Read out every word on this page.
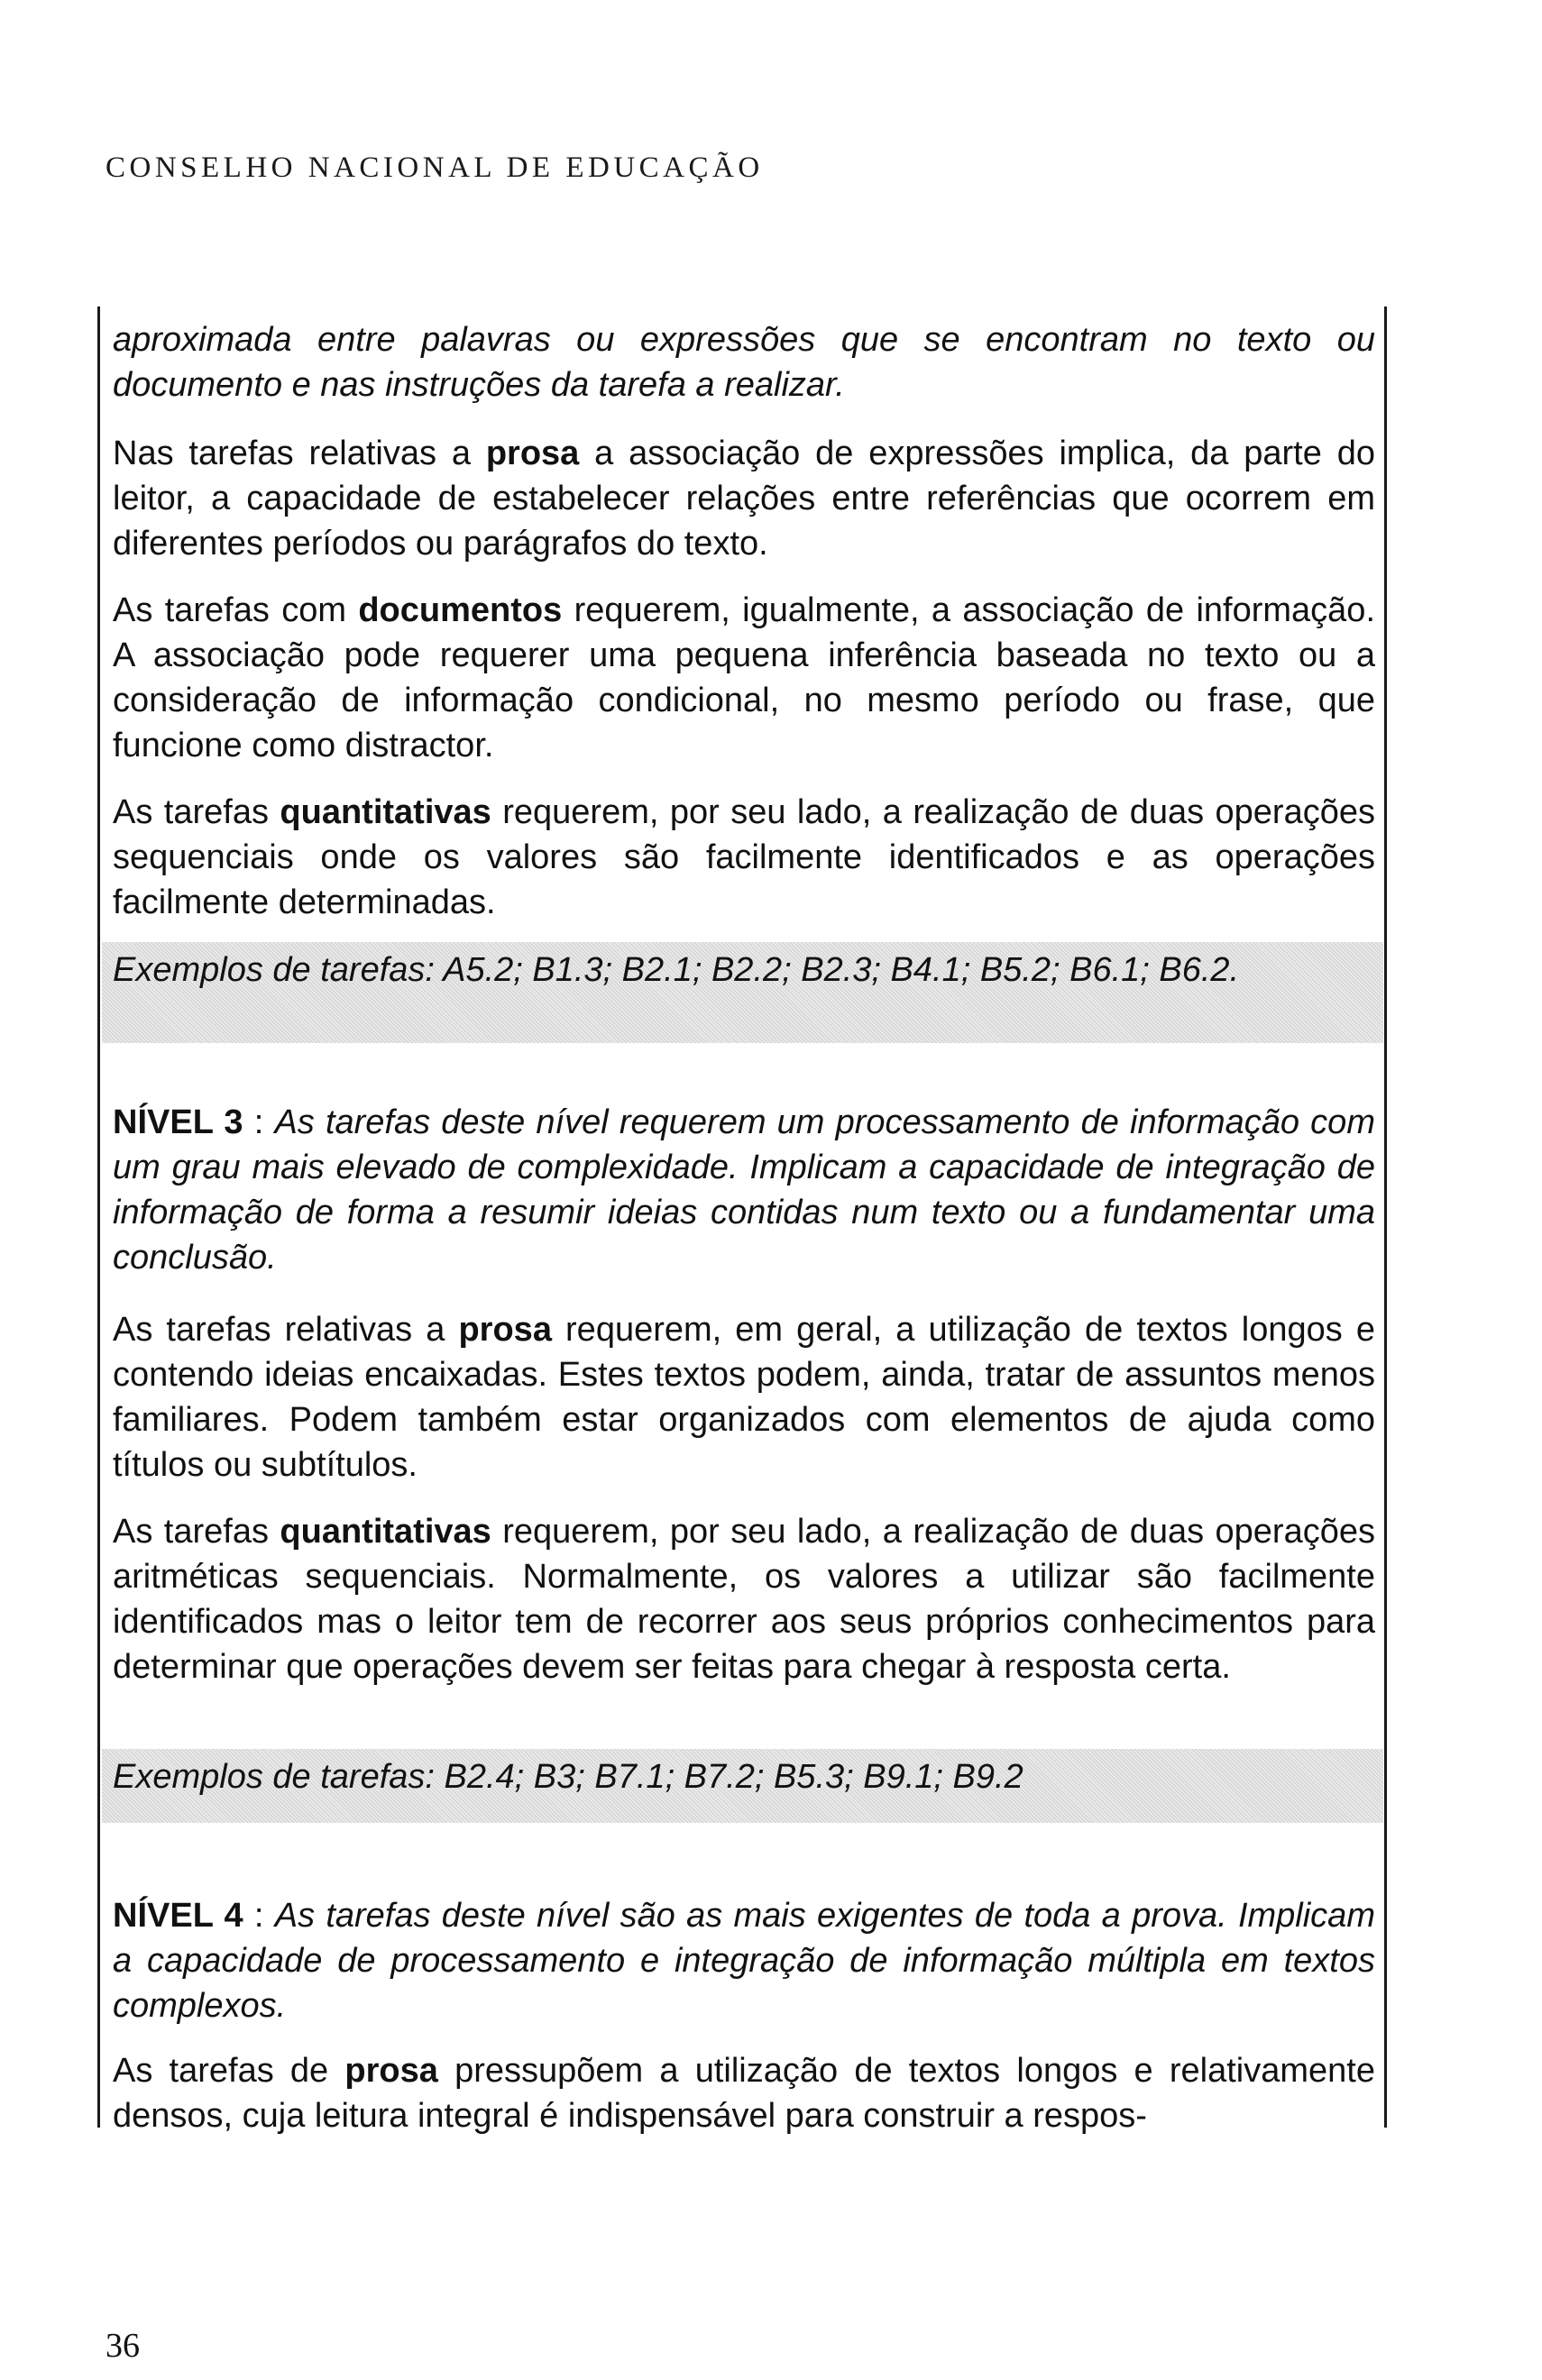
CONSELHO NACIONAL DE EDUCAÇÃO

aproximada entre palavras ou expressões que se encontram no texto ou documento e nas instruções da tarefa a realizar.

Nas tarefas relativas a prosa a associação de expressões implica, da parte do leitor, a capacidade de estabelecer relações entre referências que ocorrem em diferentes períodos ou parágrafos do texto.

As tarefas com documentos requerem, igualmente, a associação de informação. A associação pode requerer uma pequena inferência baseada no texto ou a consideração de informação condicional, no mesmo período ou frase, que funcione como distractor.

As tarefas quantitativas requerem, por seu lado, a realização de duas operações sequenciais onde os valores são facilmente identificados e as operações facilmente determinadas.

Exemplos de tarefas: A5.2; B1.3; B2.1; B2.2; B2.3; B4.1; B5.2; B6.1; B6.2.

NÍVEL 3 : As tarefas deste nível requerem um processamento de informação com um grau mais elevado de complexidade. Implicam a capacidade de integração de informação de forma a resumir ideias contidas num texto ou a fundamentar uma conclusão.

As tarefas relativas a prosa requerem, em geral, a utilização de textos longos e contendo ideias encaixadas. Estes textos podem, ainda, tratar de assuntos menos familiares. Podem também estar organizados com elementos de ajuda como títulos ou subtítulos.

As tarefas quantitativas requerem, por seu lado, a realização de duas operações aritméticas sequenciais. Normalmente, os valores a utilizar são facilmente identificados mas o leitor tem de recorrer aos seus próprios conhecimentos para determinar que operações devem ser feitas para chegar à resposta certa.

Exemplos de tarefas: B2.4; B3; B7.1; B7.2; B5.3; B9.1; B9.2

NÍVEL 4 : As tarefas deste nível são as mais exigentes de toda a prova. Implicam a capacidade de processamento e integração de informação múltipla em textos complexos.

As tarefas de prosa pressupõem a utilização de textos longos e relativamente densos, cuja leitura integral é indispensável para construir a respos-

36
